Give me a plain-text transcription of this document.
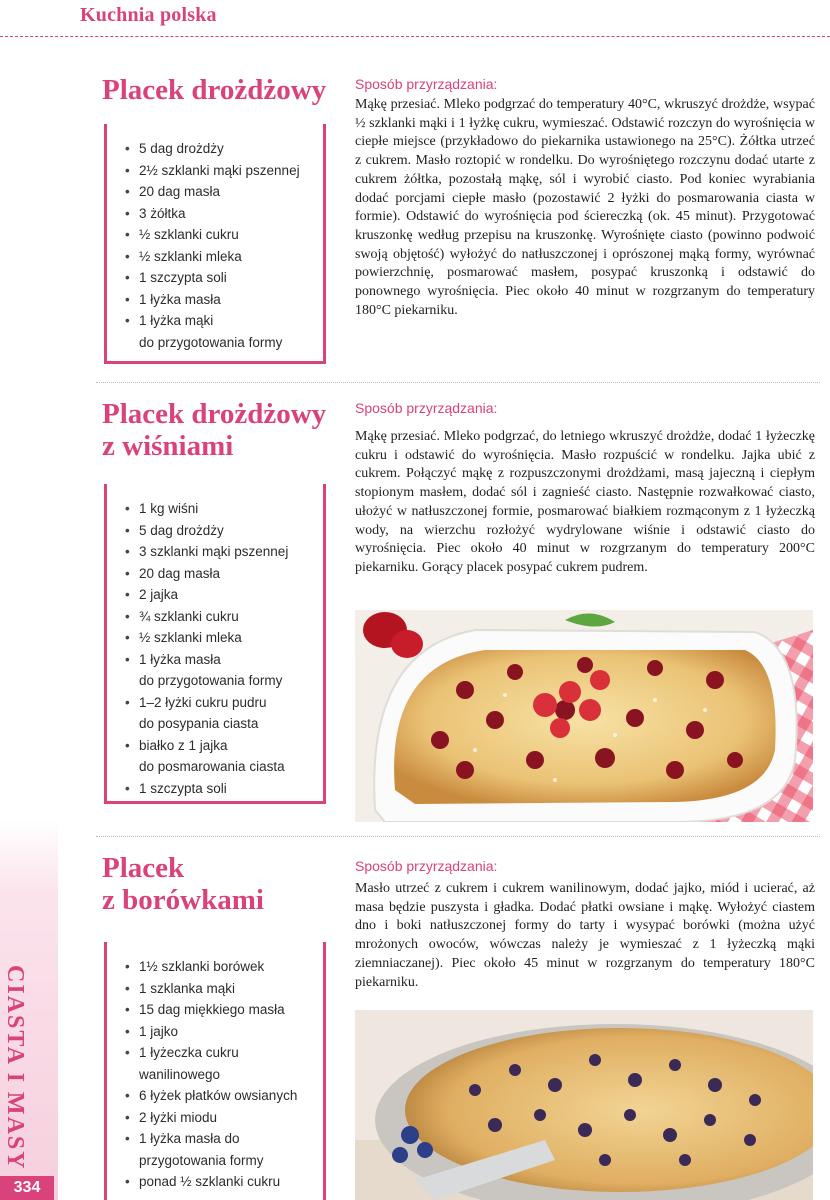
Kuchnia polska
CIASTA I MASY
334
Placek drożdżowy
• 5 dag drożdży
• 2½ szklanki mąki pszennej
• 20 dag masła
• 3 żółtka
• ½ szklanki cukru
• ½ szklanki mleka
• 1 szczypta soli
• 1 łyżka masła
• 1 łyżka mąki
do przygotowania formy
Sposób przyrządzania:
Mąkę przesiać. Mleko podgrzać do temperatury 40°C, wkruszyć drożdże, wsypać ½ szklanki mąki i 1 łyżkę cukru, wymieszać. Odstawić rozczyn do wyrośnięcia w ciepłe miejsce (przykładowo do piekarnika ustawionego na 25°C). Żółtka utrzeć z cukrem. Masło roztopić w rondelku. Do wyrośniętego rozczynu dodać utarte z cukrem żółtka, pozostałą mąkę, sól i wyrobić ciasto. Pod koniec wyrabiania dodać porcjami ciepłe masło (pozostawić 2 łyżki do posmarowania ciasta w formie). Odstawić do wyrośnięcia pod ściereczką (ok. 45 minut). Przygotować kruszonkę według przepisu na kruszonkę. Wyrośnięte ciasto (powinno podwoić swoją objętość) wyłożyć do natłuszczonej i oprószonej mąką formy, wyrównać powierzchnię, posmarować masłem, posypać kruszonką i odstawić do ponownego wyrośnięcia. Piec około 40 minut w rozgrzanym do temperatury 180°C piekarniku.
Placek drożdżowy
z wiśniami
• 1 kg wiśni
• 5 dag drożdży
• 3 szklanki mąki pszennej
• 20 dag masła
• 2 jajka
• ¾ szklanki cukru
• ½ szklanki mleka
• 1 łyżka masła
do przygotowania formy
• 1–2 łyżki cukru pudru
do posypania ciasta
• białko z 1 jajka
do posmarowania ciasta
• 1 szczypta soli
Sposób przyrządzania:
Mąkę przesiać. Mleko podgrzać, do letniego wkruszyć drożdże, dodać 1 łyżeczkę cukru i odstawić do wyrośnięcia. Masło rozpuścić w rondelku. Jajka ubić z cukrem. Połączyć mąkę z rozpuszczonymi drożdżami, masą jajeczną i ciepłym stopionym masłem, dodać sól i zagnieść ciasto. Następnie rozwałkować ciasto, ułożyć w natłuszczonej formie, posmarować białkiem rozmąconym z 1 łyżeczką wody, na wierzchu rozłożyć wydrylowane wiśnie i odstawić ciasto do wyrośnięcia. Piec około 40 minut w rozgrzanym do temperatury 200°C piekarniku. Gorący placek posypać cukrem pudrem.
Placek
z borówkami
• 1½ szklanki borówek
• 1 szklanka mąki
• 15 dag miękkiego masła
• 1 jajko
• 1 łyżeczka cukru
wanilinowego
• 6 łyżek płatków owsianych
• 2 łyżki miodu
• 1 łyżka masła do
przygotowania formy
• ponad ½ szklanki cukru
Sposób przyrządzania:
Masło utrzeć z cukrem i cukrem wanilinowym, dodać jajko, miód i ucierać, aż masa będzie puszysta i gładka. Dodać płatki owsiane i mąkę. Wyłożyć ciastem dno i boki natłuszczonej formy do tarty i wysypać borówki (można użyć mrożonych owoców, wówczas należy je wymieszać z 1 łyżeczką mąki ziemniaczanej). Piec około 45 minut w rozgrzanym do temperatury 180°C piekarniku.
